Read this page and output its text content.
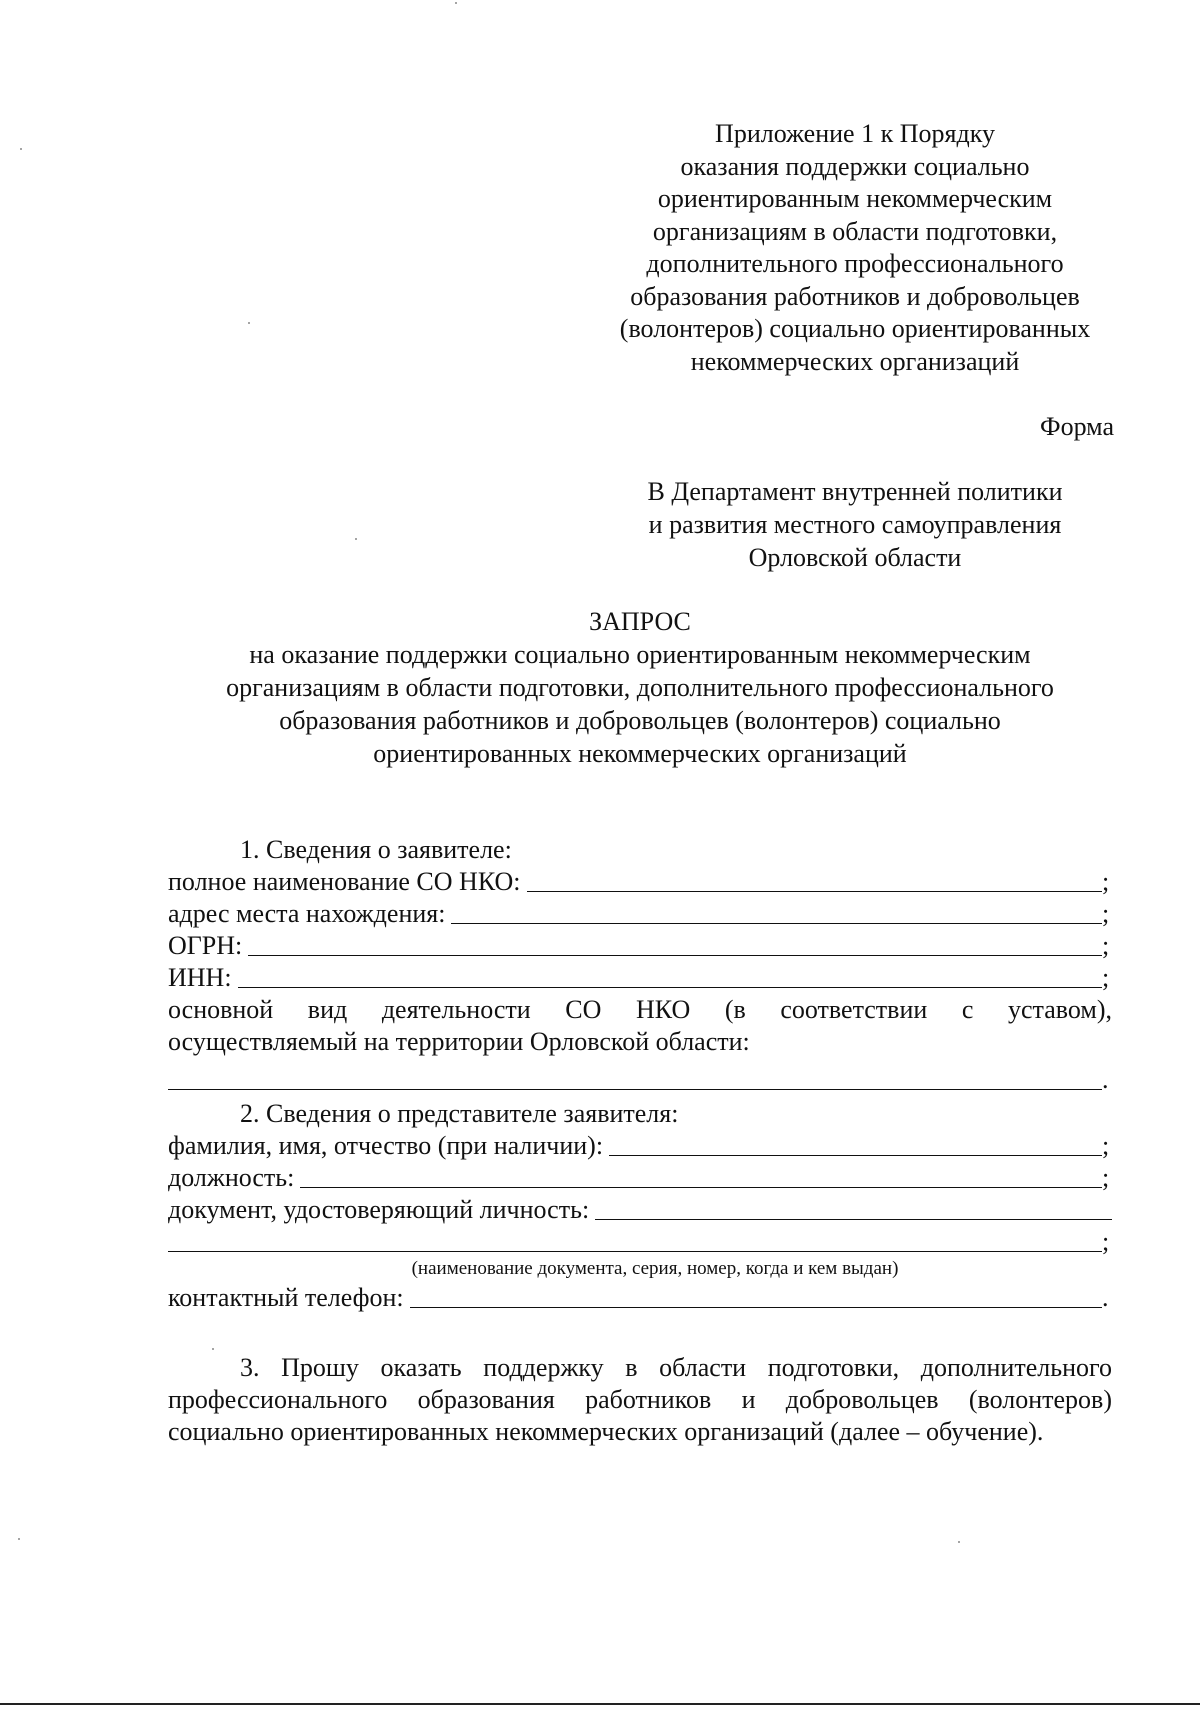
Приложение 1 к Порядку
оказания поддержки социально
ориентированным некоммерческим
организациям в области подготовки,
дополнительного профессионального
образования работников и добровольцев
(волонтеров) социально ориентированных
некоммерческих организаций
Форма
В Департамент внутренней политики
и развития местного самоуправления
Орловской области
ЗАПРОС
на оказание поддержки социально ориентированным некоммерческим
организациям в области подготовки, дополнительного профессионального
образования работников и добровольцев (волонтеров) социально
ориентированных некоммерческих организаций
1. Сведения о заявителе:
полное наименование СО НКО:	;
адрес места нахождения:	;
ОГРН:	;
ИНН:	;
основной вид деятельности СО НКО (в соответствии с уставом),
осуществляемый на территории Орловской области:
.
2. Сведения о представителе заявителя:
фамилия, имя, отчество (при наличии):	;
должность:	;
документ, удостоверяющий личность:
;
(наименование документа, серия, номер, когда и кем выдан)
контактный телефон:	.
3. Прошу оказать поддержку в области подготовки, дополнительного профессионального образования работников и добровольцев (волонтеров) социально ориентированных некоммерческих организаций (далее – обучение).
